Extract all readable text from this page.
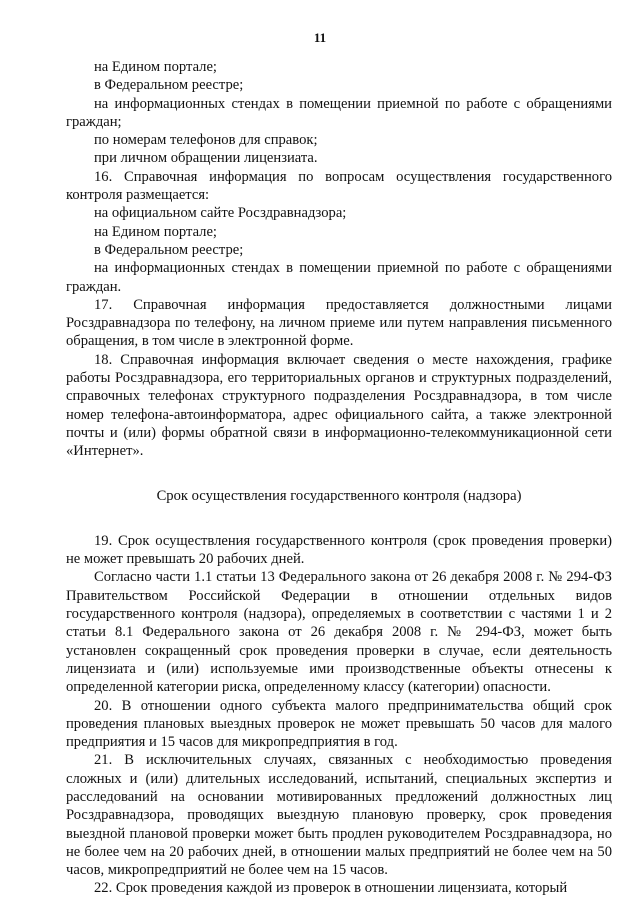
11

на Едином портале;

в Федеральном реестре;

на информационных стендах в помещении приемной по работе с обращениями граждан;

по номерам телефонов для справок;

при личном обращении лицензиата.

16. Справочная информация по вопросам осуществления государственного контроля размещается:

на официальном сайте Росздравнадзора;

на Едином портале;

в Федеральном реестре;

на информационных стендах в помещении приемной по работе с обращениями граждан.

17. Справочная информация предоставляется должностными лицами Росздравнадзора по телефону, на личном приеме или путем направления письменного обращения, в том числе в электронной форме.

18. Справочная информация включает сведения о месте нахождения, графике работы Росздравнадзора, его территориальных органов и структурных подразделений, справочных телефонах структурного подразделения Росздравнадзора, в том числе номер телефона-автоинформатора, адрес официального сайта, а также электронной почты и (или) формы обратной связи в информационно-телекоммуникационной сети «Интернет».

Срок осуществления государственного контроля (надзора)

19. Срок осуществления государственного контроля (срок проведения проверки) не может превышать 20 рабочих дней.

Согласно части 1.1 статьи 13 Федерального закона от 26 декабря 2008 г. № 294-ФЗ Правительством Российской Федерации в отношении отдельных видов государственного контроля (надзора), определяемых в соответствии с частями 1 и 2 статьи 8.1 Федерального закона от 26 декабря 2008 г. № 294-ФЗ, может быть установлен сокращенный срок проведения проверки в случае, если деятельность лицензиата и (или) используемые ими производственные объекты отнесены к определенной категории риска, определенному классу (категории) опасности.

20. В отношении одного субъекта малого предпринимательства общий срок проведения плановых выездных проверок не может превышать 50 часов для малого предприятия и 15 часов для микропредприятия в год.

21. В исключительных случаях, связанных с необходимостью проведения сложных и (или) длительных исследований, испытаний, специальных экспертиз и расследований на основании мотивированных предложений должностных лиц Росздравнадзора, проводящих выездную плановую проверку, срок проведения выездной плановой проверки может быть продлен руководителем Росздравнадзора, но не более чем на 20 рабочих дней, в отношении малых предприятий не более чем на 50 часов, микропредприятий не более чем на 15 часов.

22. Срок проведения каждой из проверок в отношении лицензиата, который
